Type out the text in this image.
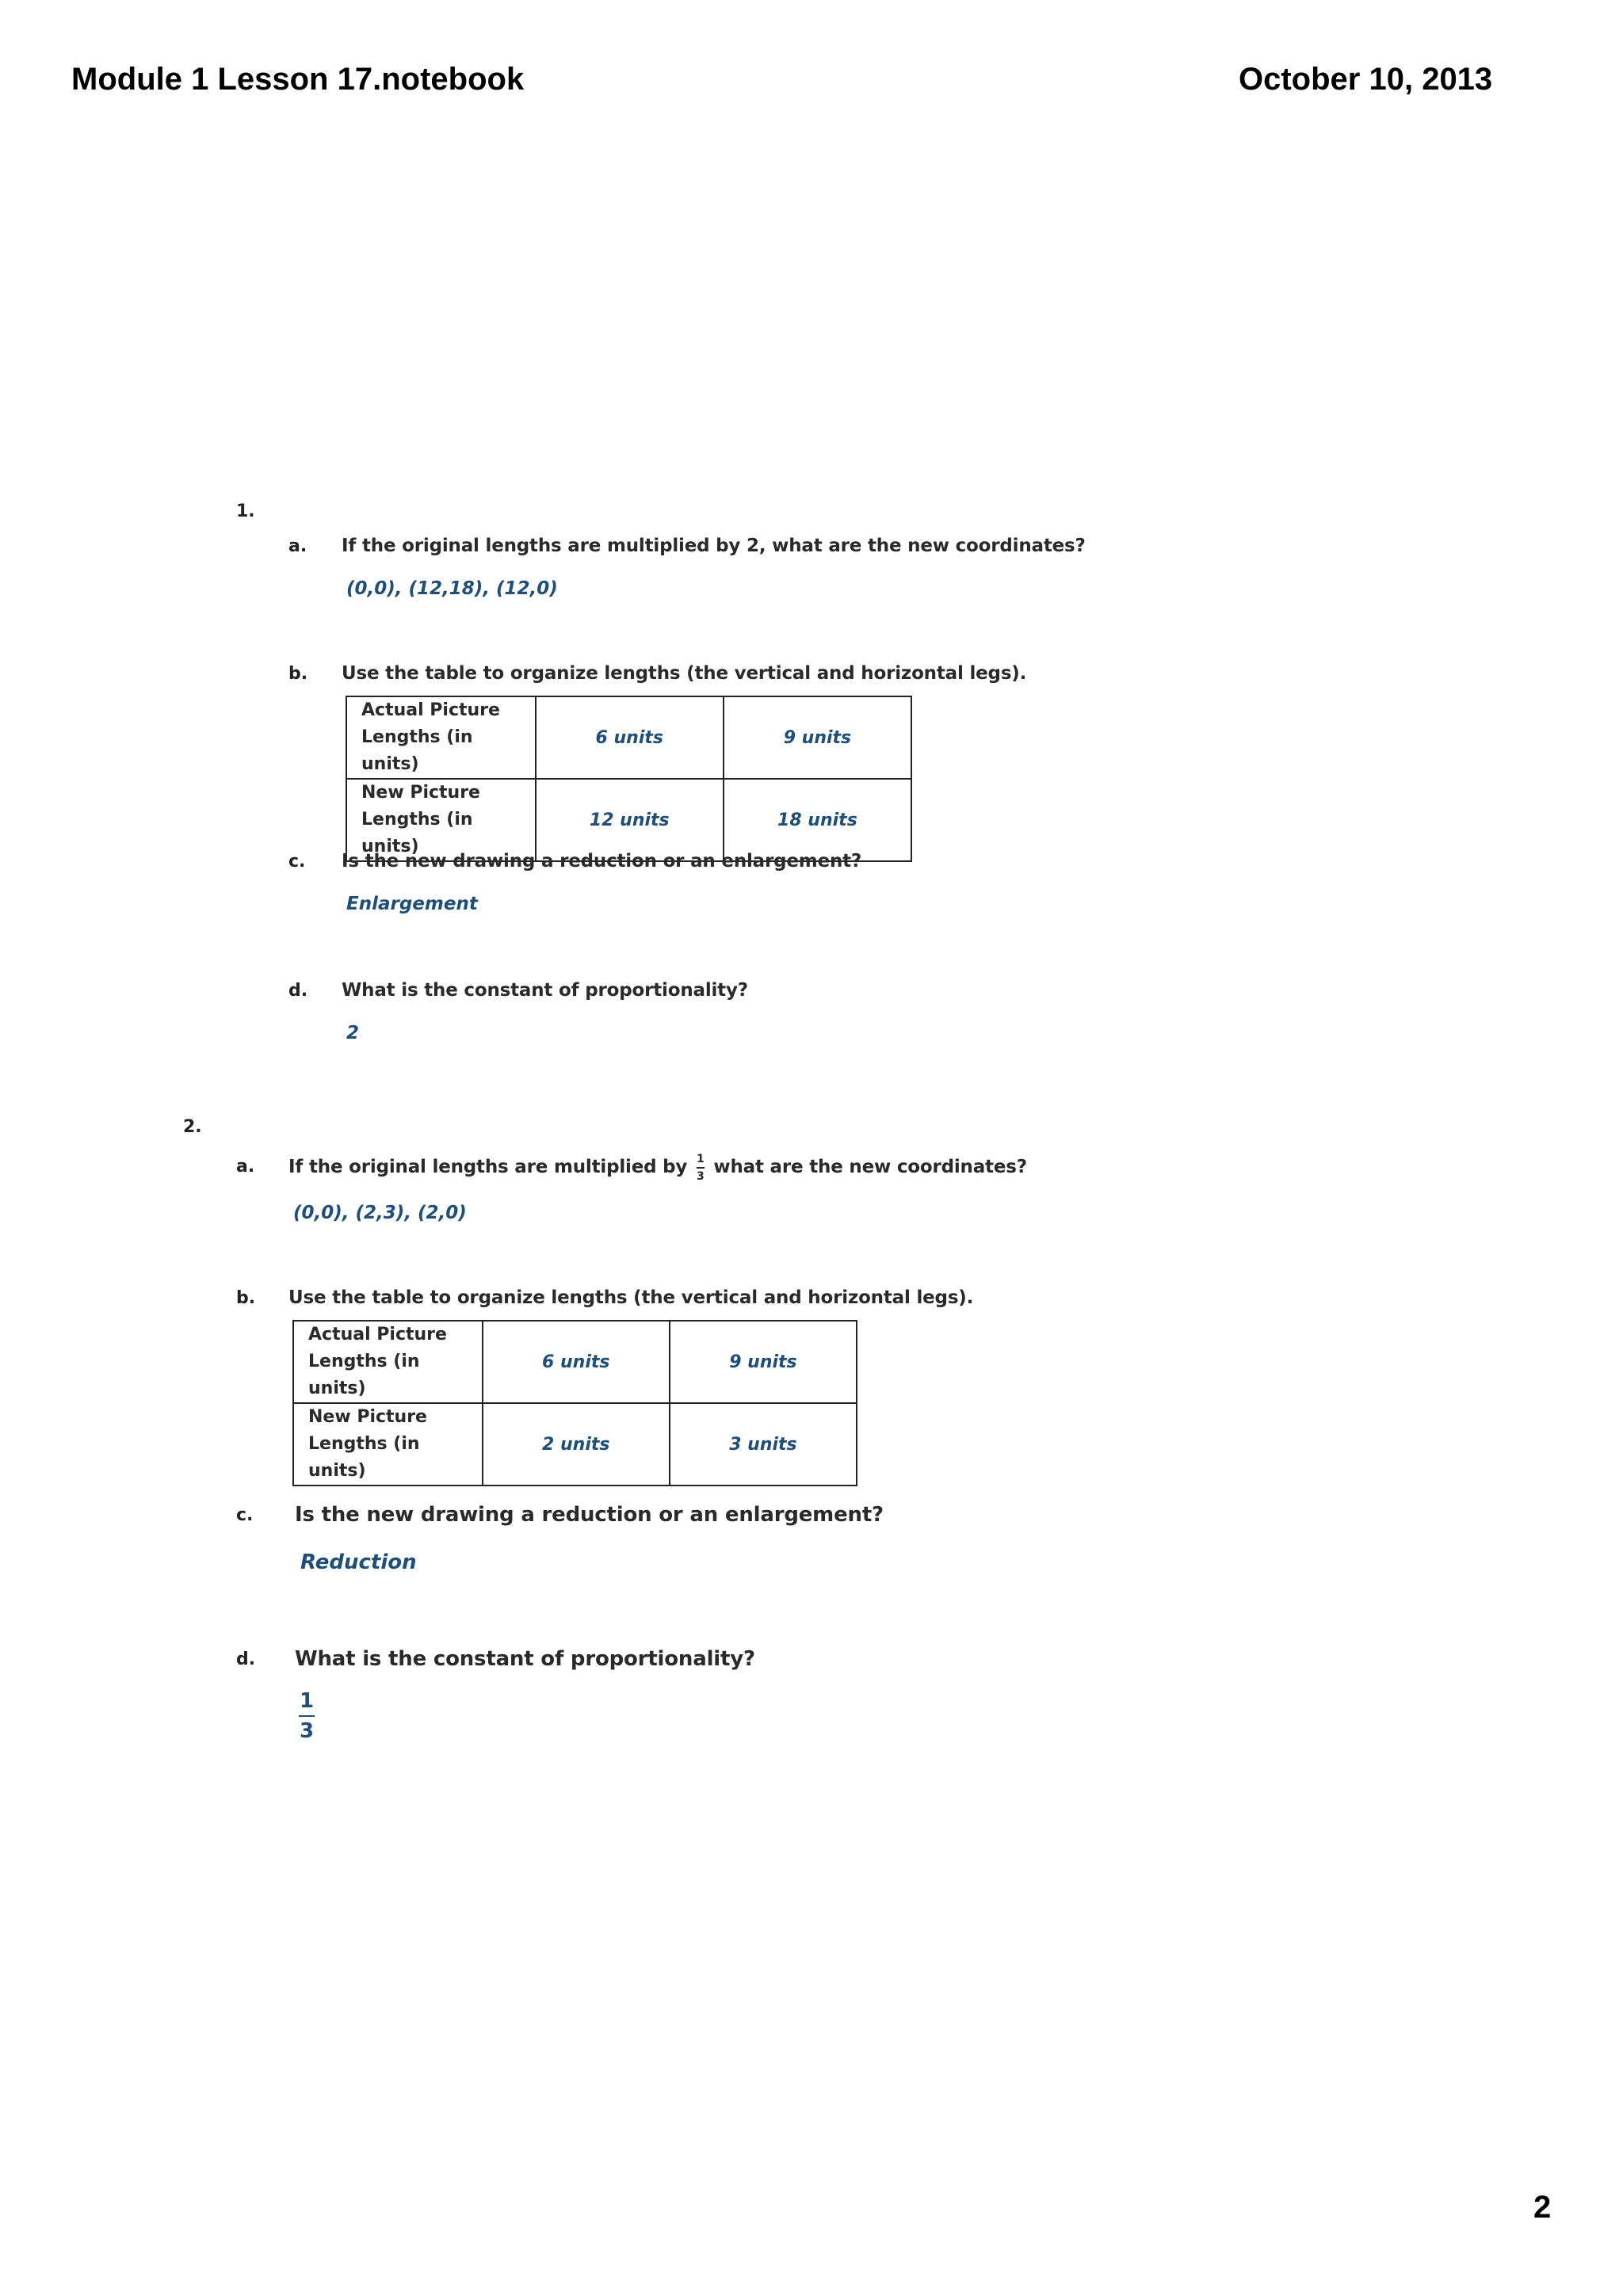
Module 1 Lesson 17.notebook	October 10, 2013
1.
a. If the original lengths are multiplied by 2, what are the new coordinates?
(0,0), (12,18), (12,0)
b. Use the table to organize lengths (the vertical and horizontal legs).
Actual Picture
Lengths (in units)	6 units	9 units

New Picture
Lengths (in units)	12 units	18 units
c. Is the new drawing a reduction or an enlargement?
Enlargement
d. What is the constant of proportionality?
2
2.
a. If the original lengths are multiplied by $\frac{1}{3}$ what are the new coordinates?
(0,0), (2,3), (2,0)
b. Use the table to organize lengths (the vertical and horizontal legs).
Actual Picture
Lengths (in units)	6 units	9 units

New Picture
Lengths (in units)	2 units	3 units
c. Is the new drawing a reduction or an enlargement?
Reduction
d. What is the constant of proportionality?
1
3
2
